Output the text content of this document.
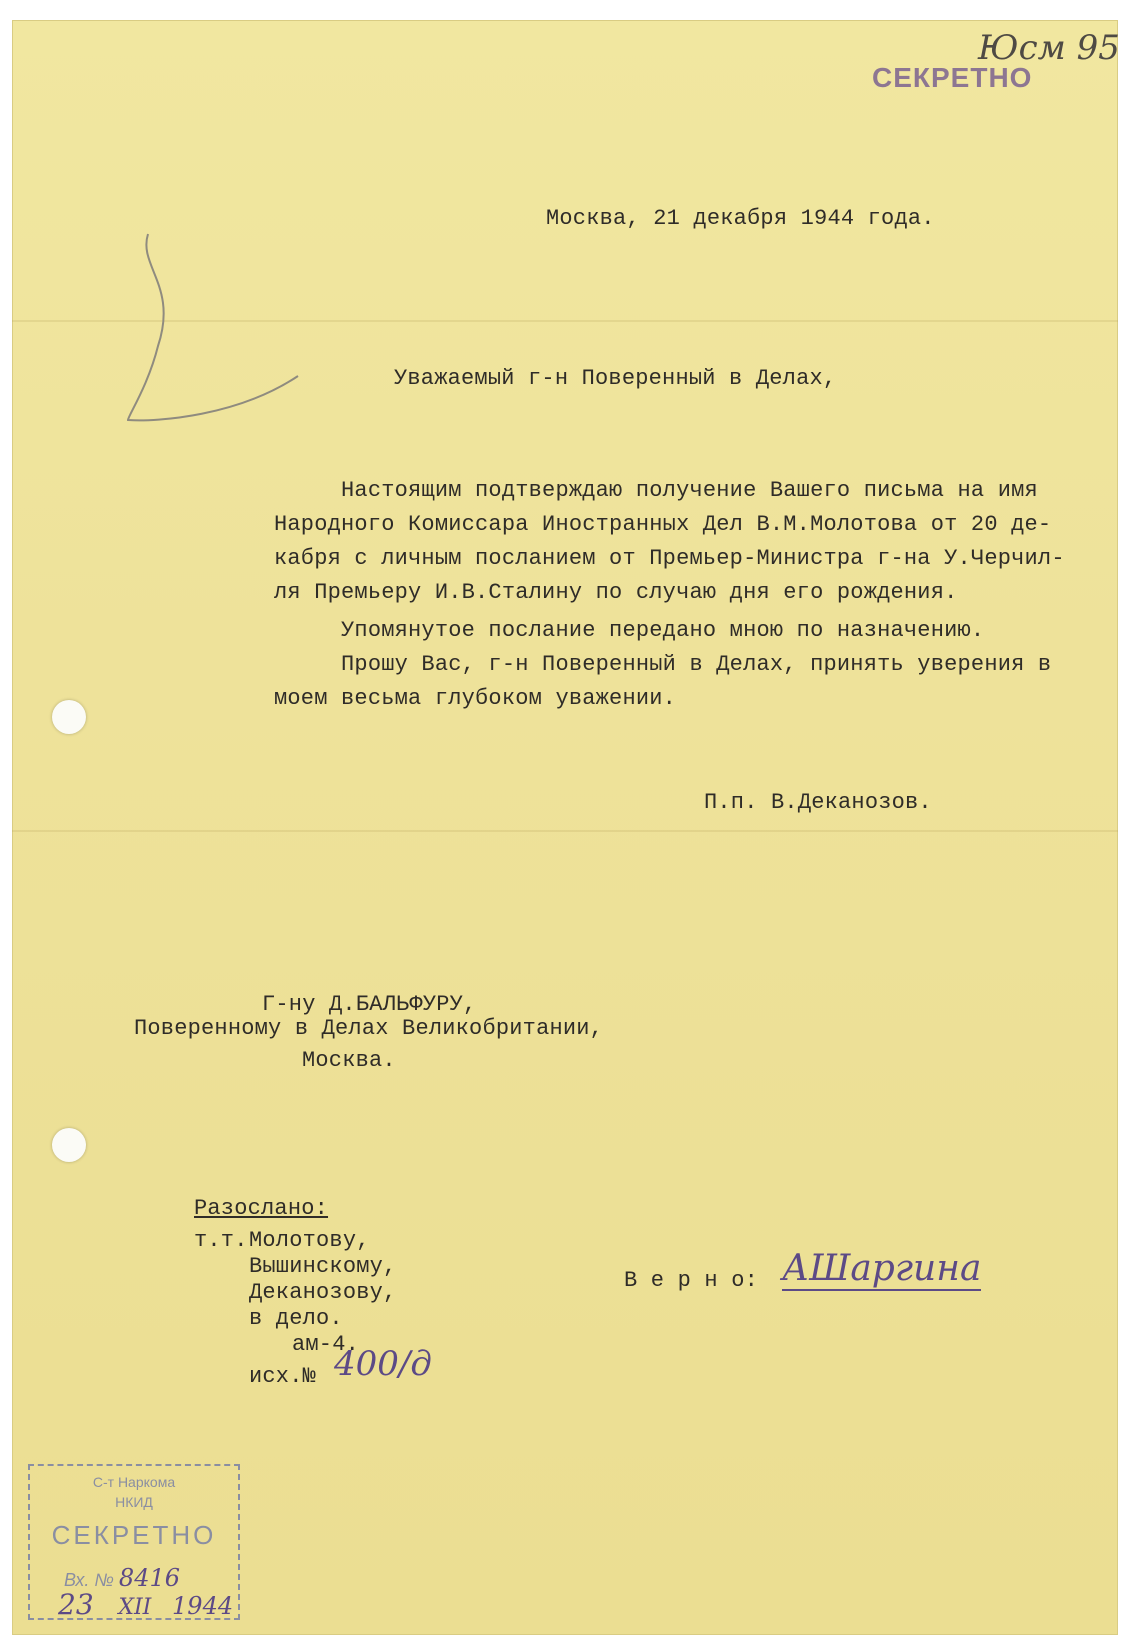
Юсм 95
СЕКРЕТНО
Москва, 21 декабря 1944 года.
Уважаемый г-н Поверенный в Делах,
Настоящим подтверждаю получение Вашего письма на имя
Народного Комиссара Иностранных Дел В.М.Молотова от 20 де-
кабря с личным посланием от Премьер-Министра г-на У.Черчил-
ля Премьеру И.В.Сталину по случаю дня его рождения.
Упомянутое послание передано мною по назначению.
Прошу Вас, г-н Поверенный в Делах, принять уверения в
моем весьма глубоком уважении.
П.п. В.Деканозов.
Г-ну Д.БАЛЬФУРУ,
Поверенному в Делах Великобритании,
Москва.
Разослано:
т.т. Молотову,
Вышинскому,
Деканозову,
в дело.
ам-4.
исх.№ 400/д
В е р н о: АШаргина
С-т Наркома
НКИД
СЕКРЕТНО
Вх. № 8416
23 XII 1944
